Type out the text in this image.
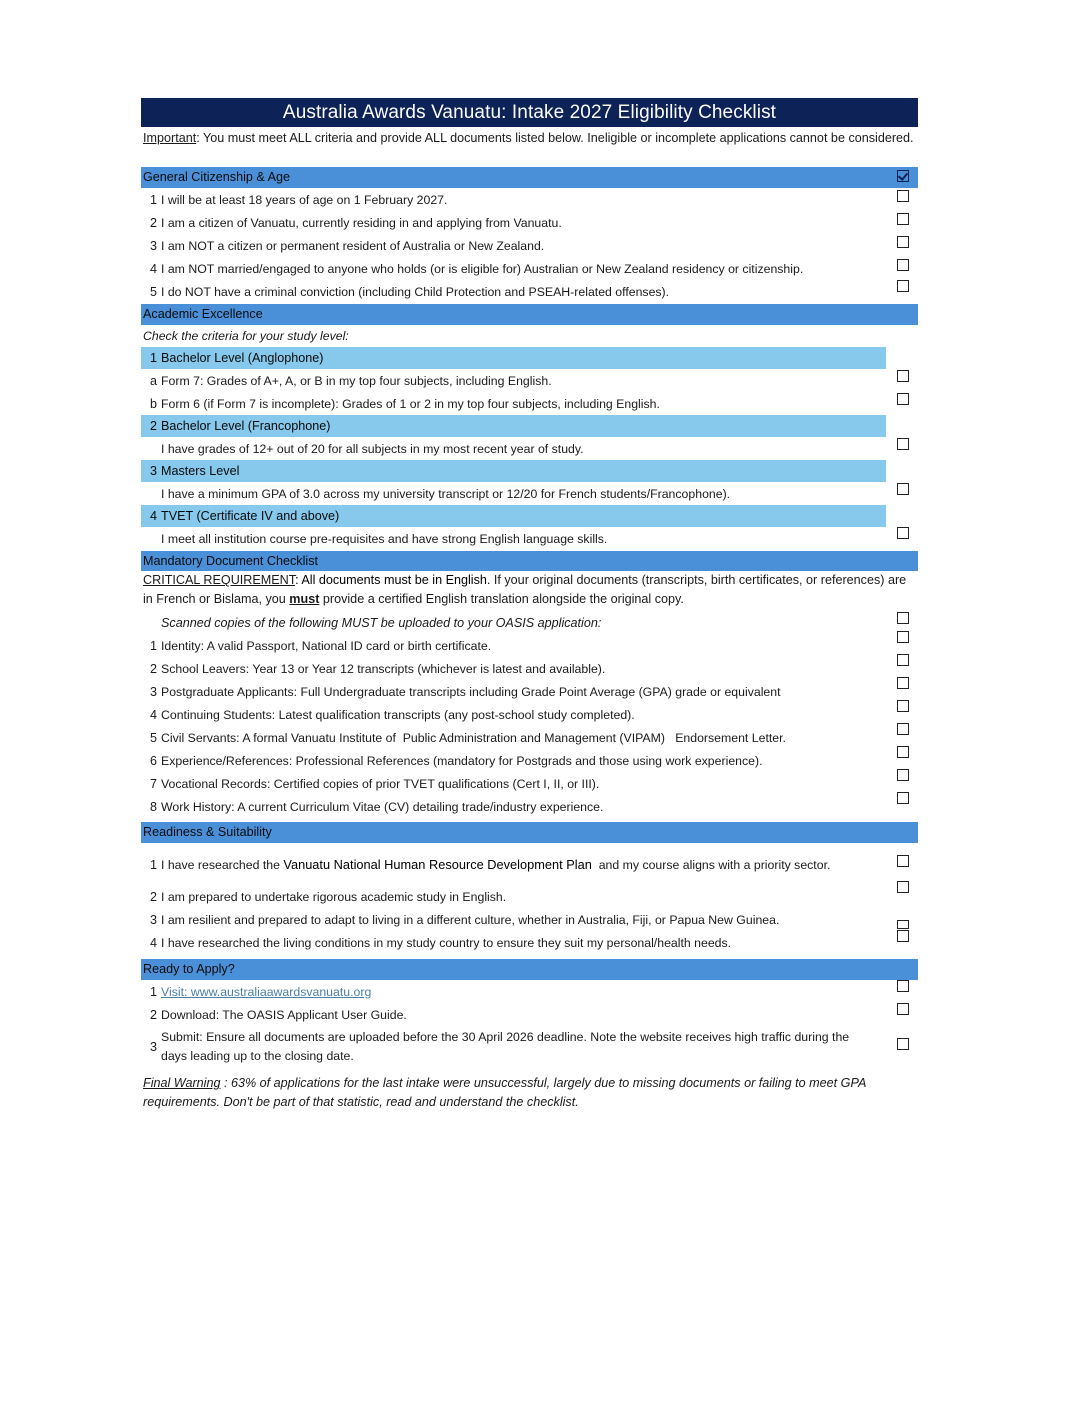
Australia Awards Vanuatu: Intake 2027 Eligibility Checklist
Important: You must meet ALL criteria and provide ALL documents listed below. Ineligible or incomplete applications cannot be considered.
General Citizenship & Age
1 I will be at least 18 years of age on 1 February 2027.
2 I am a citizen of Vanuatu, currently residing in and applying from Vanuatu.
3 I am NOT a citizen or permanent resident of Australia or New Zealand.
4 I am NOT married/engaged to anyone who holds (or is eligible for) Australian or New Zealand residency or citizenship.
5 I do NOT have a criminal conviction (including Child Protection and PSEAH-related offenses).
Academic Excellence
Check the criteria for your study level:
1 Bachelor Level (Anglophone)
a Form 7: Grades of A+, A, or B in my top four subjects, including English.
b Form 6 (if Form 7 is incomplete): Grades of 1 or 2 in my top four subjects, including English.
2 Bachelor Level (Francophone)
I have grades of 12+ out of 20 for all subjects in my most recent year of study.
3 Masters Level
I have a minimum GPA of 3.0 across my university transcript or 12/20 for French students/Francophone).
4 TVET (Certificate IV and above)
I meet all institution course pre-requisites and have strong English language skills.
Mandatory Document Checklist
CRITICAL REQUIREMENT: All documents must be in English. If your original documents (transcripts, birth certificates, or references) are in French or Bislama, you must provide a certified English translation alongside the original copy.
Scanned copies of the following MUST be uploaded to your OASIS application:
1 Identity: A valid Passport, National ID card or birth certificate.
2 School Leavers: Year 13 or Year 12 transcripts (whichever is latest and available).
3 Postgraduate Applicants: Full Undergraduate transcripts including Grade Point Average (GPA) grade or equivalent
4 Continuing Students: Latest qualification transcripts (any post-school study completed).
5 Civil Servants: A formal Vanuatu Institute of  Public Administration and Management (VIPAM)   Endorsement Letter.
6 Experience/References: Professional References (mandatory for Postgrads and those using work experience).
7 Vocational Records: Certified copies of prior TVET qualifications (Cert I, II, or III).
8 Work History: A current Curriculum Vitae (CV) detailing trade/industry experience.
Readiness & Suitability
1 I have researched the Vanuatu National Human Resource Development Plan  and my course aligns with a priority sector.
2 I am prepared to undertake rigorous academic study in English.
3 I am resilient and prepared to adapt to living in a different culture, whether in Australia, Fiji, or Papua New Guinea.
4 I have researched the living conditions in my study country to ensure they suit my personal/health needs.
Ready to Apply?
1 Visit: www.australiaawardsvanuatu.org
2 Download: The OASIS Applicant User Guide.
3
Submit: Ensure all documents are uploaded before the 30 April 2026 deadline. Note the website receives high traffic during the days leading up to the closing date.
Final Warning : 63% of applications for the last intake were unsuccessful, largely due to missing documents or failing to meet GPA requirements. Don't be part of that statistic, read and understand the checklist.
